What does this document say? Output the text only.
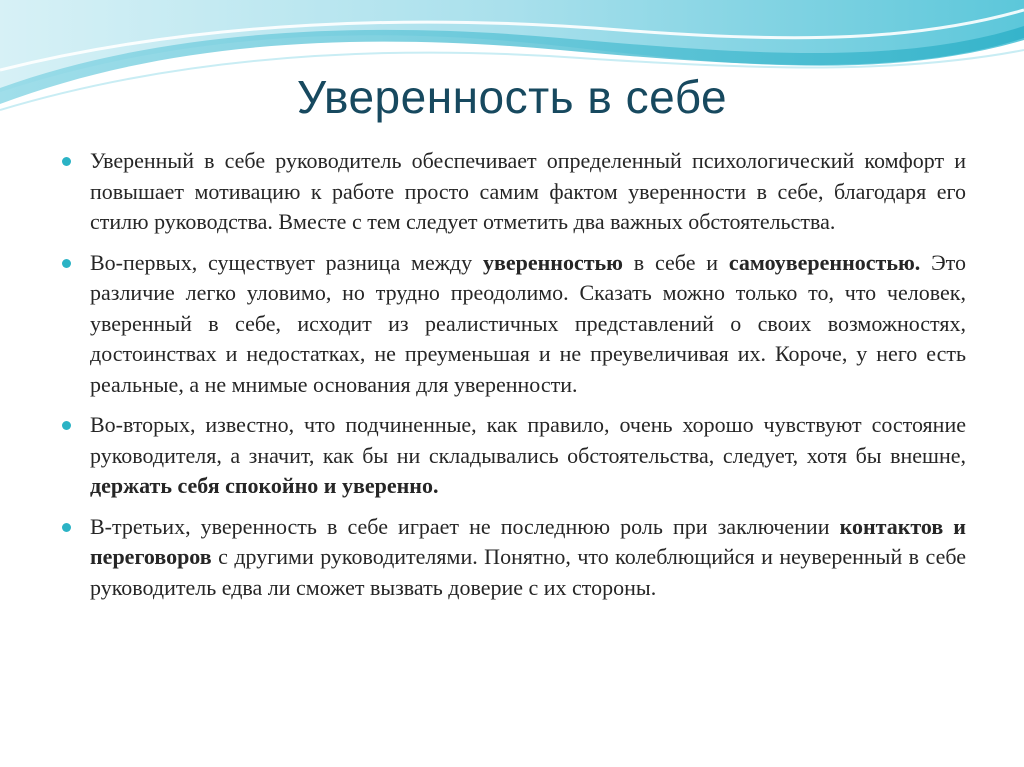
Уверенность в себе
Уверенный в себе руководитель обеспечивает определенный психологический комфорт и повышает мотивацию к работе просто самим фактом уверенности в себе, благодаря его стилю руководства. Вместе с тем следует отметить два важных обстоятельства.
Во-первых, существует разница между уверенностью в себе и самоуверенностью. Это различие легко уловимо, но трудно преодолимо. Сказать можно только то, что человек, уверенный в себе, исходит из реалистичных представлений о своих возможностях, достоинствах и недостатках, не преуменьшая и не преувеличивая их. Короче, у него есть реальные, а не мнимые основания для уверенности.
Во-вторых, известно, что подчиненные, как правило, очень хорошо чувствуют состояние руководителя, а значит, как бы ни складывались обстоятельства, следует, хотя бы внешне, держать себя спокойно и уверенно.
В-третьих, уверенность в себе играет не последнюю роль при заключении контактов и переговоров с другими руководителями. Понятно, что колеблющийся и неуверенный в себе руководитель едва ли сможет вызвать доверие с их стороны.
